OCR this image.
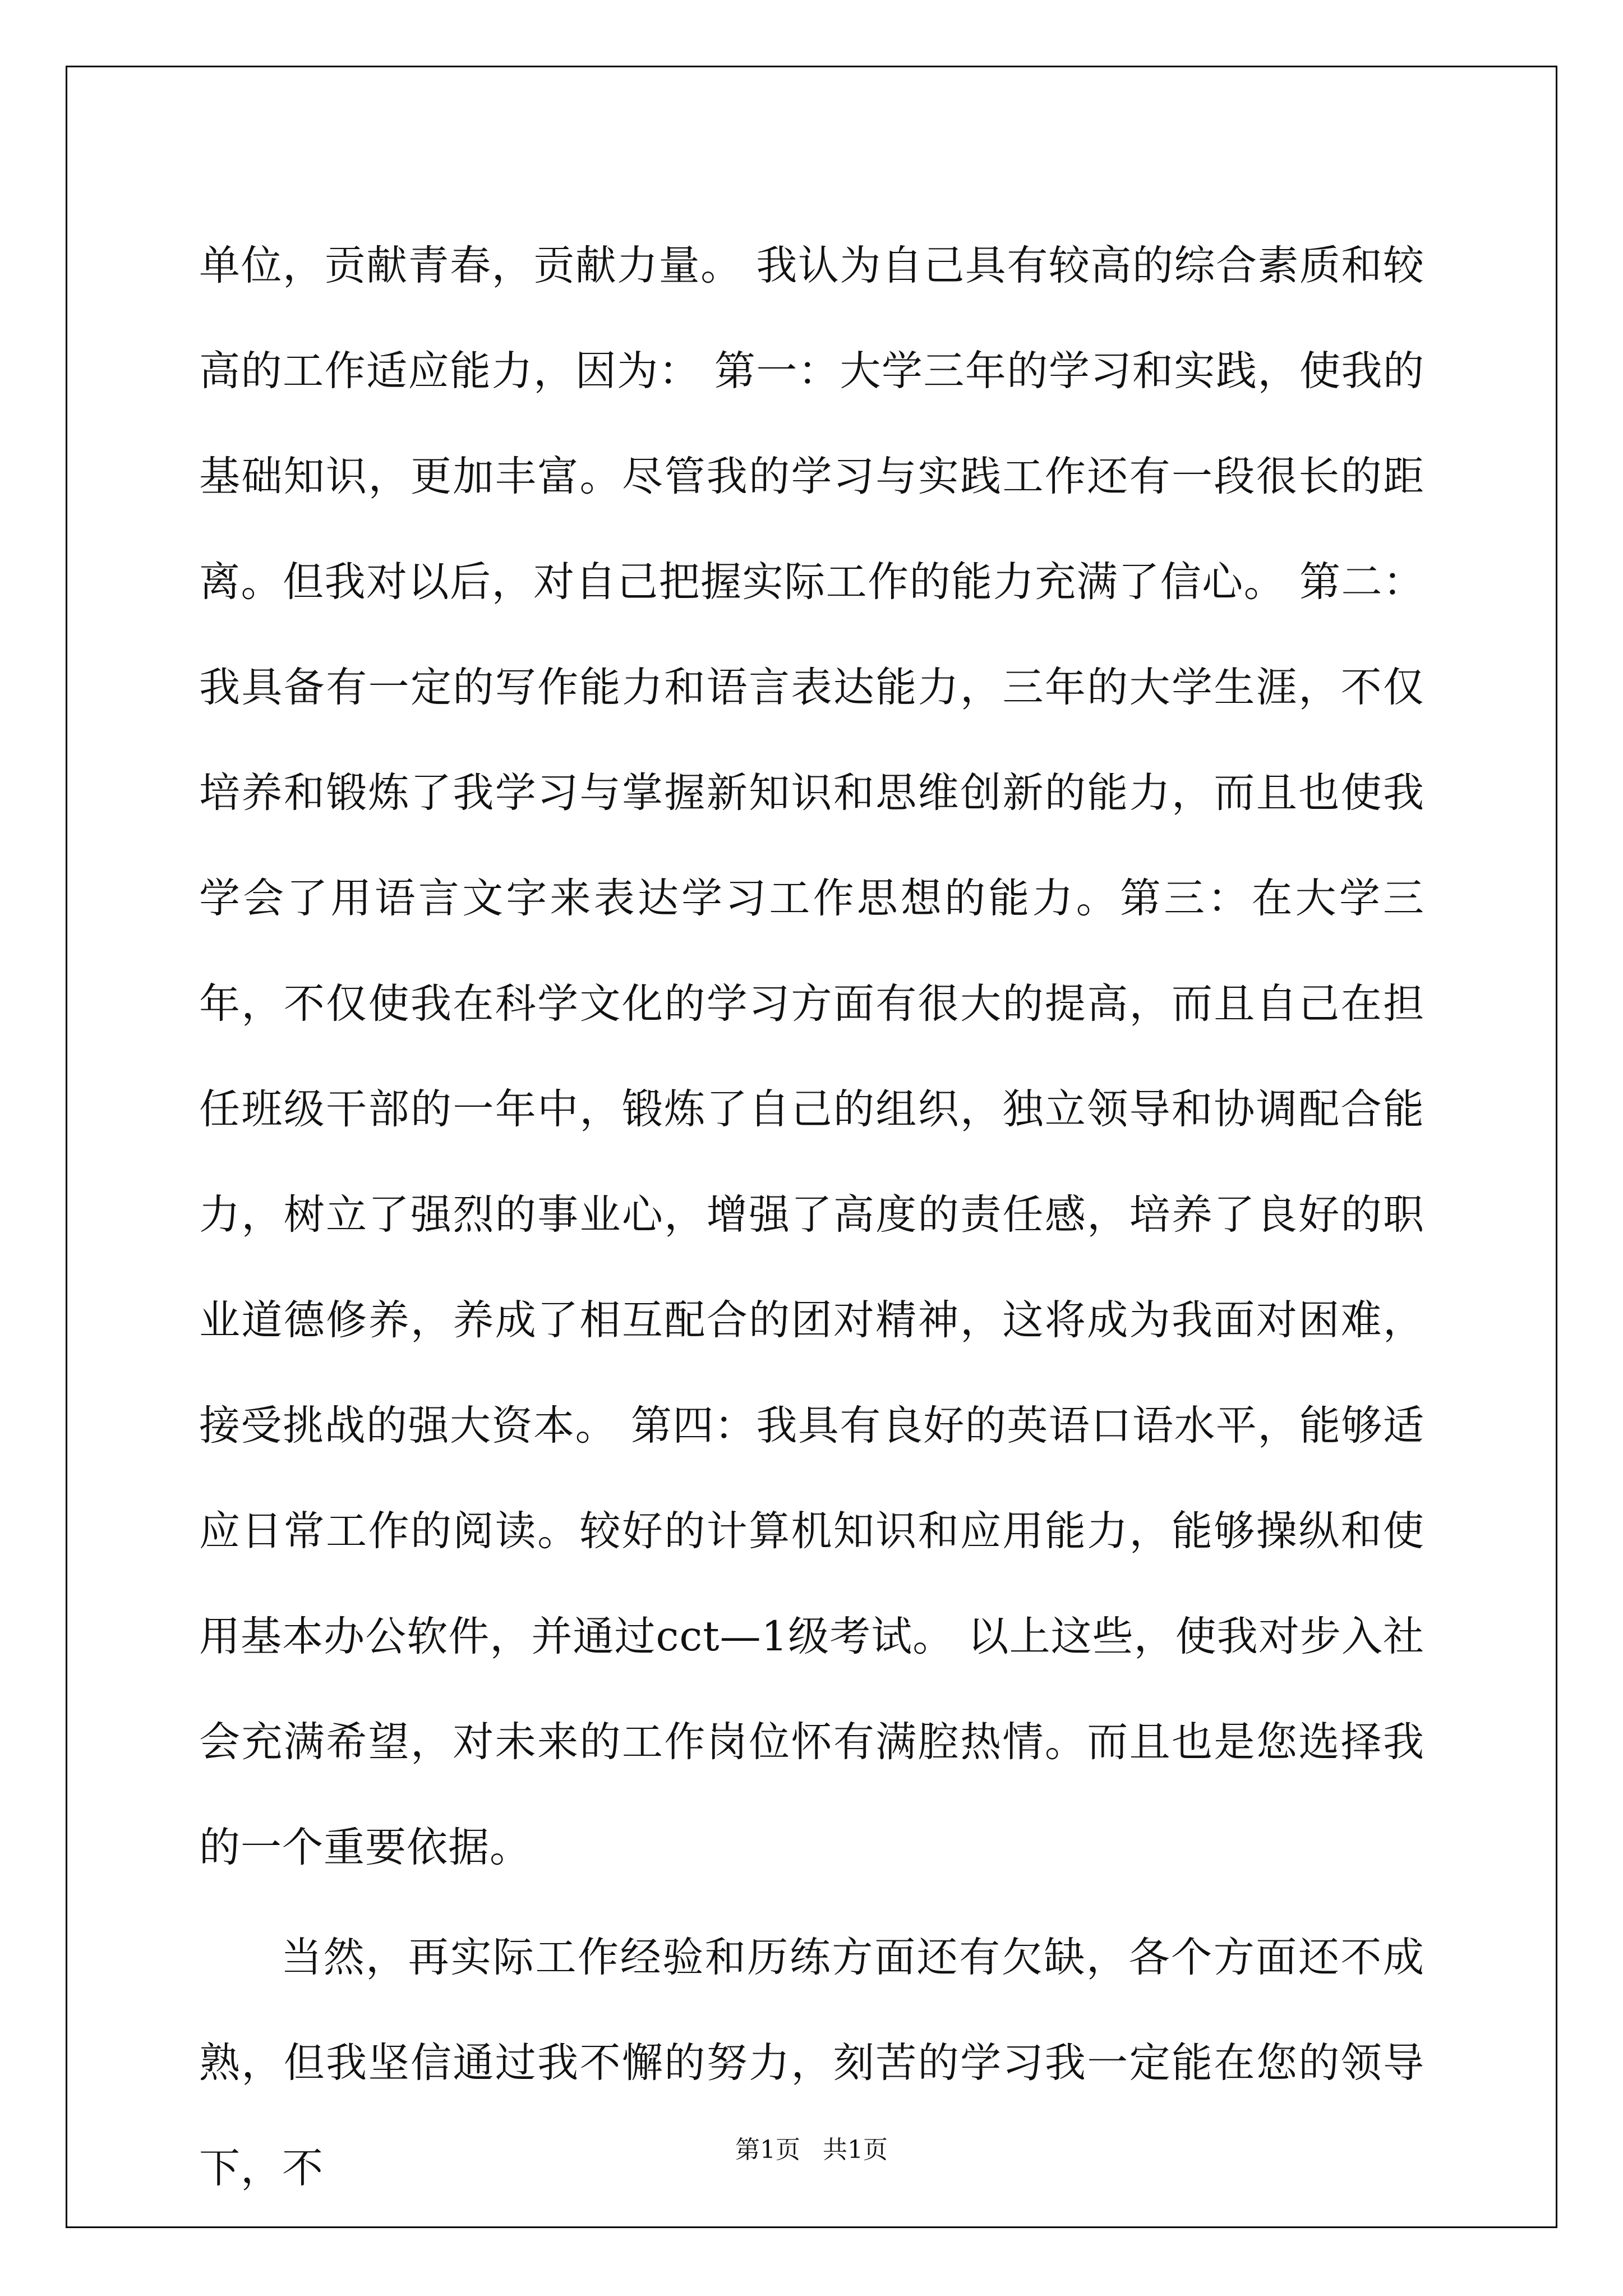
单位，贡献青春，贡献力量。 我认为自己具有较高的综合素质和较高的工作适应能力，因为： 第一：大学三年的学习和实践，使我的基础知识，更加丰富。尽管我的学习与实践工作还有一段很长的距离。但我对以后，对自己把握实际工作的能力充满了信心。 第二：我具备有一定的写作能力和语言表达能力，三年的大学生涯，不仅培养和锻炼了我学习与掌握新知识和思维创新的能力，而且也使我学会了用语言文字来表达学习工作思想的能力。第三：在大学三年，不仅使我在科学文化的学习方面有很大的提高，而且自己在担任班级干部的一年中，锻炼了自己的组织，独立领导和协调配合能力，树立了强烈的事业心，增强了高度的责任感，培养了良好的职业道德修养，养成了相互配合的团对精神，这将成为我面对困难，接受挑战的强大资本。 第四：我具有良好的英语口语水平，能够适应日常工作的阅读。较好的计算机知识和应用能力，能够操纵和使用基本办公软件，并通过cct—1级考试。 以上这些，使我对步入社会充满希望，对未来的工作岗位怀有满腔热情。而且也是您选择我的一个重要依据。

当然，再实际工作经验和历练方面还有欠缺，各个方面还不成熟，但我坚信通过我不懈的努力，刻苦的学习我一定能在您的领导下，不	第1页 共1页
